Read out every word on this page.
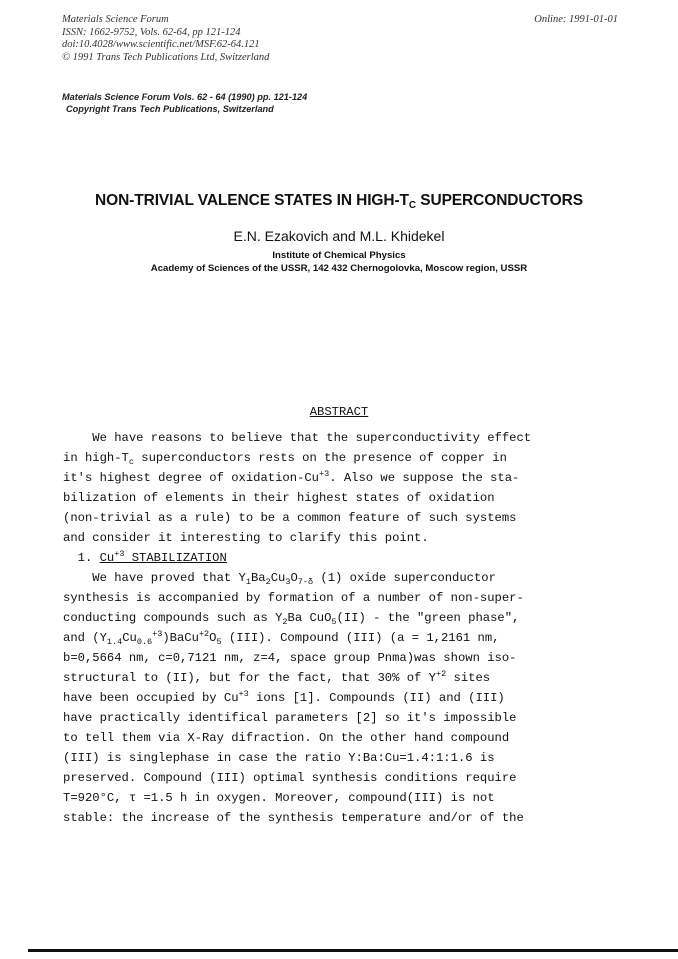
Materials Science Forum
ISSN: 1662-9752, Vols. 62-64, pp 121-124
doi:10.4028/www.scientific.net/MSF.62-64.121
© 1991 Trans Tech Publications Ltd, Switzerland
Online: 1991-01-01
Materials Science Forum Vols. 62 - 64 (1990) pp. 121-124
Copyright Trans Tech Publications, Switzerland
NON-TRIVIAL VALENCE STATES IN HIGH-$T_C$ SUPERCONDUCTORS
E.N. Ezakovich and M.L. Khidekel
Institute of Chemical Physics
Academy of Sciences of the USSR, 142 432 Chernogolovka, Moscow region, USSR
ABSTRACT
We have reasons to believe that the superconductivity effect
in high-$T_c$ superconductors rests on the presence of copper in
it's highest degree of oxidation-$Cu^{+3}$. Also we suppose the sta-
bilization of elements in their highest states of oxidation
(non-trivial as a rule) to be a common feature of such systems
and consider it interesting to clarify this point.
1. $Cu^{+3}$ STABILIZATION
We have proved that $Y_1Ba_2Cu_3O_{7-\delta}$ (1) oxide superconductor
synthesis is accompanied by formation of a number of non-super-
conducting compounds such as $Y_2Ba$ CuO$_5$(II) - the "green phase",
and $(Y_{1.4}Cu_{0.6}^{+3})BaCu^{+2}O_5$ (III). Compound (III) (a = 1,2161 nm,
b=0,5664 nm, c=0,7121 nm, z=4, space group Pnma)was shown iso-
structural to (II), but for the fact, that 30% of $Y^{+2}$ sites
have been occupied by $Cu^{+3}$ ions [1]. Compounds (II) and (III)
have practically identifical parameters [2] so it's impossible
to tell them via X-Ray difraction. On the other hand compound
(III) is singlephase in case the ratio Y:Ba:Cu=1.4:1:1.6 is
preserved. Compound (III) optimal synthesis conditions require
T=920°C, τ =1.5 h in oxygen. Moreover, compound(III) is not
stable: the increase of the synthesis temperature and/or of the
